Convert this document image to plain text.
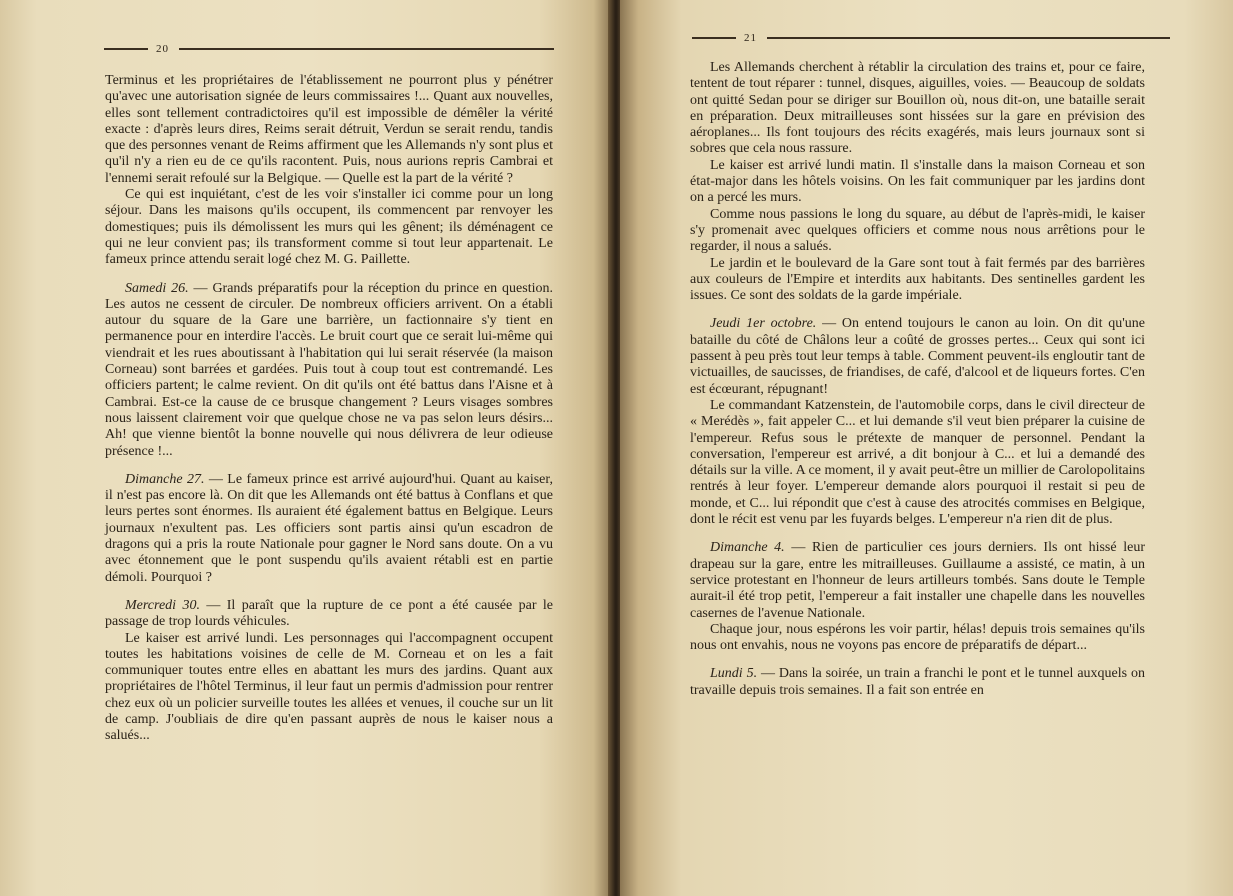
20

Terminus et les propriétaires de l'établissement ne pourront plus y pénétrer qu'avec une autorisation signée de leurs commissaires !... Quant aux nouvelles, elles sont tellement contradictoires qu'il est impossible de démêler la vérité exacte : d'après leurs dires, Reims serait détruit, Verdun se serait rendu, tandis que des personnes venant de Reims affirment que les Allemands n'y sont plus et qu'il n'y a rien eu de ce qu'ils racontent. Puis, nous aurions repris Cambrai et l'ennemi serait refoulé sur la Belgique. — Quelle est la part de la vérité ?

Ce qui est inquiétant, c'est de les voir s'installer ici comme pour un long séjour. Dans les maisons qu'ils occupent, ils commencent par renvoyer les domestiques; puis ils démolissent les murs qui les gênent; ils déménagent ce qui ne leur convient pas; ils transforment comme si tout leur appartenait. Le fameux prince attendu serait logé chez M. G. Paillette.

Samedi 26. — Grands préparatifs pour la réception du prince en question. Les autos ne cessent de circuler. De nombreux officiers arrivent. On a établi autour du square de la Gare une barrière, un factionnaire s'y tient en permanence pour en interdire l'accès. Le bruit court que ce serait lui-même qui viendrait et les rues aboutissant à l'habitation qui lui serait réservée (la maison Corneau) sont barrées et gardées. Puis tout à coup tout est contremandé. Les officiers partent; le calme revient. On dit qu'ils ont été battus dans l'Aisne et à Cambrai. Est-ce la cause de ce brusque changement ? Leurs visages sombres nous laissent clairement voir que quelque chose ne va pas selon leurs désirs... Ah! que vienne bientôt la bonne nouvelle qui nous délivrera de leur odieuse présence !...

Dimanche 27. — Le fameux prince est arrivé aujourd'hui. Quant au kaiser, il n'est pas encore là. On dit que les Allemands ont été battus à Conflans et que leurs pertes sont énormes. Ils auraient été également battus en Belgique. Leurs journaux n'exultent pas. Les officiers sont partis ainsi qu'un escadron de dragons qui a pris la route Nationale pour gagner le Nord sans doute. On a vu avec étonnement que le pont suspendu qu'ils avaient rétabli est en partie démoli. Pourquoi ?

Mercredi 30. — Il paraît que la rupture de ce pont a été causée par le passage de trop lourds véhicules.

Le kaiser est arrivé lundi. Les personnages qui l'accompagnent occupent toutes les habitations voisines de celle de M. Corneau et on les a fait communiquer toutes entre elles en abattant les murs des jardins. Quant aux propriétaires de l'hôtel Terminus, il leur faut un permis d'admission pour rentrer chez eux où un policier surveille toutes les allées et venues, il couche sur un lit de camp. J'oubliais de dire qu'en passant auprès de nous le kaiser nous a salués...

21

Les Allemands cherchent à rétablir la circulation des trains et, pour ce faire, tentent de tout réparer : tunnel, disques, aiguilles, voies. — Beaucoup de soldats ont quitté Sedan pour se diriger sur Bouillon où, nous dit-on, une bataille serait en préparation. Deux mitrailleuses sont hissées sur la gare en prévision des aéroplanes... Ils font toujours des récits exagérés, mais leurs journaux sont si sobres que cela nous rassure.

Le kaiser est arrivé lundi matin. Il s'installe dans la maison Corneau et son état-major dans les hôtels voisins. On les fait communiquer par les jardins dont on a percé les murs.

Comme nous passions le long du square, au début de l'après-midi, le kaiser s'y promenait avec quelques officiers et comme nous nous arrêtions pour le regarder, il nous a salués.

Le jardin et le boulevard de la Gare sont tout à fait fermés par des barrières aux couleurs de l'Empire et interdits aux habitants. Des sentinelles gardent les issues. Ce sont des soldats de la garde impériale.

Jeudi 1er octobre. — On entend toujours le canon au loin. On dit qu'une bataille du côté de Châlons leur a coûté de grosses pertes... Ceux qui sont ici passent à peu près tout leur temps à table. Comment peuvent-ils engloutir tant de victuailles, de saucisses, de friandises, de café, d'alcool et de liqueurs fortes. C'en est écœurant, répugnant!

Le commandant Katzenstein, de l'automobile corps, dans le civil directeur de « Merédès », fait appeler C... et lui demande s'il veut bien préparer la cuisine de l'empereur. Refus sous le prétexte de manquer de personnel. Pendant la conversation, l'empereur est arrivé, a dit bonjour à C... et lui a demandé des détails sur la ville. A ce moment, il y avait peut-être un millier de Carolopolitains rentrés à leur foyer. L'empereur demande alors pourquoi il restait si peu de monde, et C... lui répondit que c'est à cause des atrocités commises en Belgique, dont le récit est venu par les fuyards belges. L'empereur n'a rien dit de plus.

Dimanche 4. — Rien de particulier ces jours derniers. Ils ont hissé leur drapeau sur la gare, entre les mitrailleuses. Guillaume a assisté, ce matin, à un service protestant en l'honneur de leurs artilleurs tombés. Sans doute le Temple aurait-il été trop petit, l'empereur a fait installer une chapelle dans les nouvelles casernes de l'avenue Nationale.

Chaque jour, nous espérons les voir partir, hélas! depuis trois semaines qu'ils nous ont envahis, nous ne voyons pas encore de préparatifs de départ...

Lundi 5. — Dans la soirée, un train a franchi le pont et le tunnel auxquels on travaille depuis trois semaines. Il a fait son entrée en
